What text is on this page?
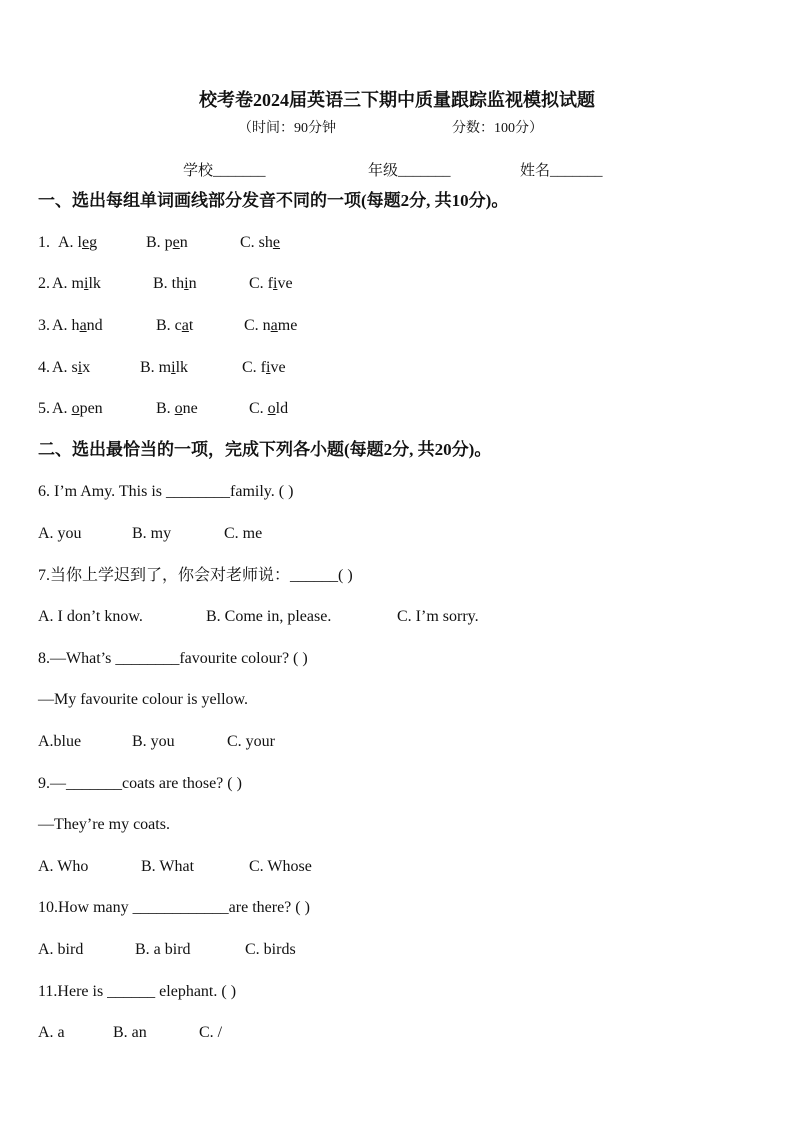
校考卷2024届英语三下期中质量跟踪监视模拟试题
（时间：90分钟	分数：100分）
学校_______	年级_______	姓名_______
一、选出每组单词画线部分发音不同的一项(每题2分, 共10分)。
1. A. leg	B. pen	C. she
2. A. milk	B. thin	C. five
3. A. hand	B. cat	C. name
4. A. six	B. milk	C. five
5. A. open	B. one	C. old
二、选出最恰当的一项，完成下列各小题(每题2分, 共20分)。
6. I’m Amy. This is ________family. ( )
A. you	B. my	C. me
7.当你上学迟到了，你会对老师说：______( )
A. I don’t know.	B. Come in, please.	C. I’m sorry.
8.—What’s ________favourite colour? ( )
—My favourite colour is yellow.
A.blue	B. you	C. your
9.—_______coats are those? ( )
—They’re my coats.
A. Who	B. What	C. Whose
10.How many ____________are there? ( )
A. bird	B. a bird	C. birds
11.Here is ______ elephant. ( )
A. a	B. an	C. /
